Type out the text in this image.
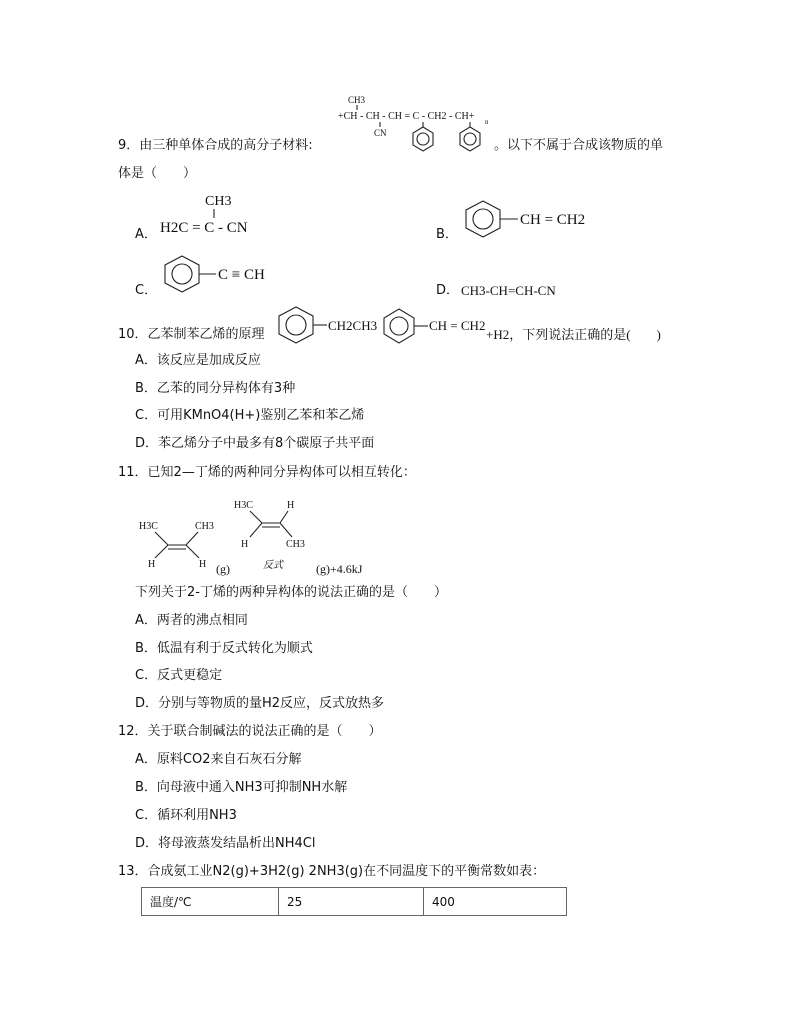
CH3
+CH - CH - CH = C - CH2 - CH+ n
CN
9．由三种单体合成的高分子材料:	。以下不属于合成该物质的单
体是（　　）
A．
CH3
H2C = C - CN	B．
CH = CH2
C．
C ≡ CH
D． CH3-CH=CH-CN
10．乙苯制苯乙烯的原理
CH2CH3	CH = CH2
+H2，下列说法正确的是(　　)
A．该反应是加成反应
B．乙苯的同分异构体有3种
C．可用KMnO4(H+)鉴别乙苯和苯乙烯
D．苯乙烯分子中最多有8个碳原子共平面
11．已知2—丁烯的两种同分异构体可以相互转化：
H3C	CH3
H	H
H3C	H
H	CH3
(g)	反式	(g)+4.6kJ
下列关于2-丁烯的两种异构体的说法正确的是（　　）
A．两者的沸点相同
B．低温有利于反式转化为顺式
C．反式更稳定
D．分别与等物质的量H2反应，反式放热多
12．关于联合制碱法的说法正确的是（　　）
A．原料CO2来自石灰石分解
B．向母液中通入NH3可抑制NH水解
C．循环利用NH3
D．将母液蒸发结晶析出NH4Cl
13．合成氨工业N2(g)+3H2(g) 2NH3(g)在不同温度下的平衡常数如表：
温度/℃	25	400
